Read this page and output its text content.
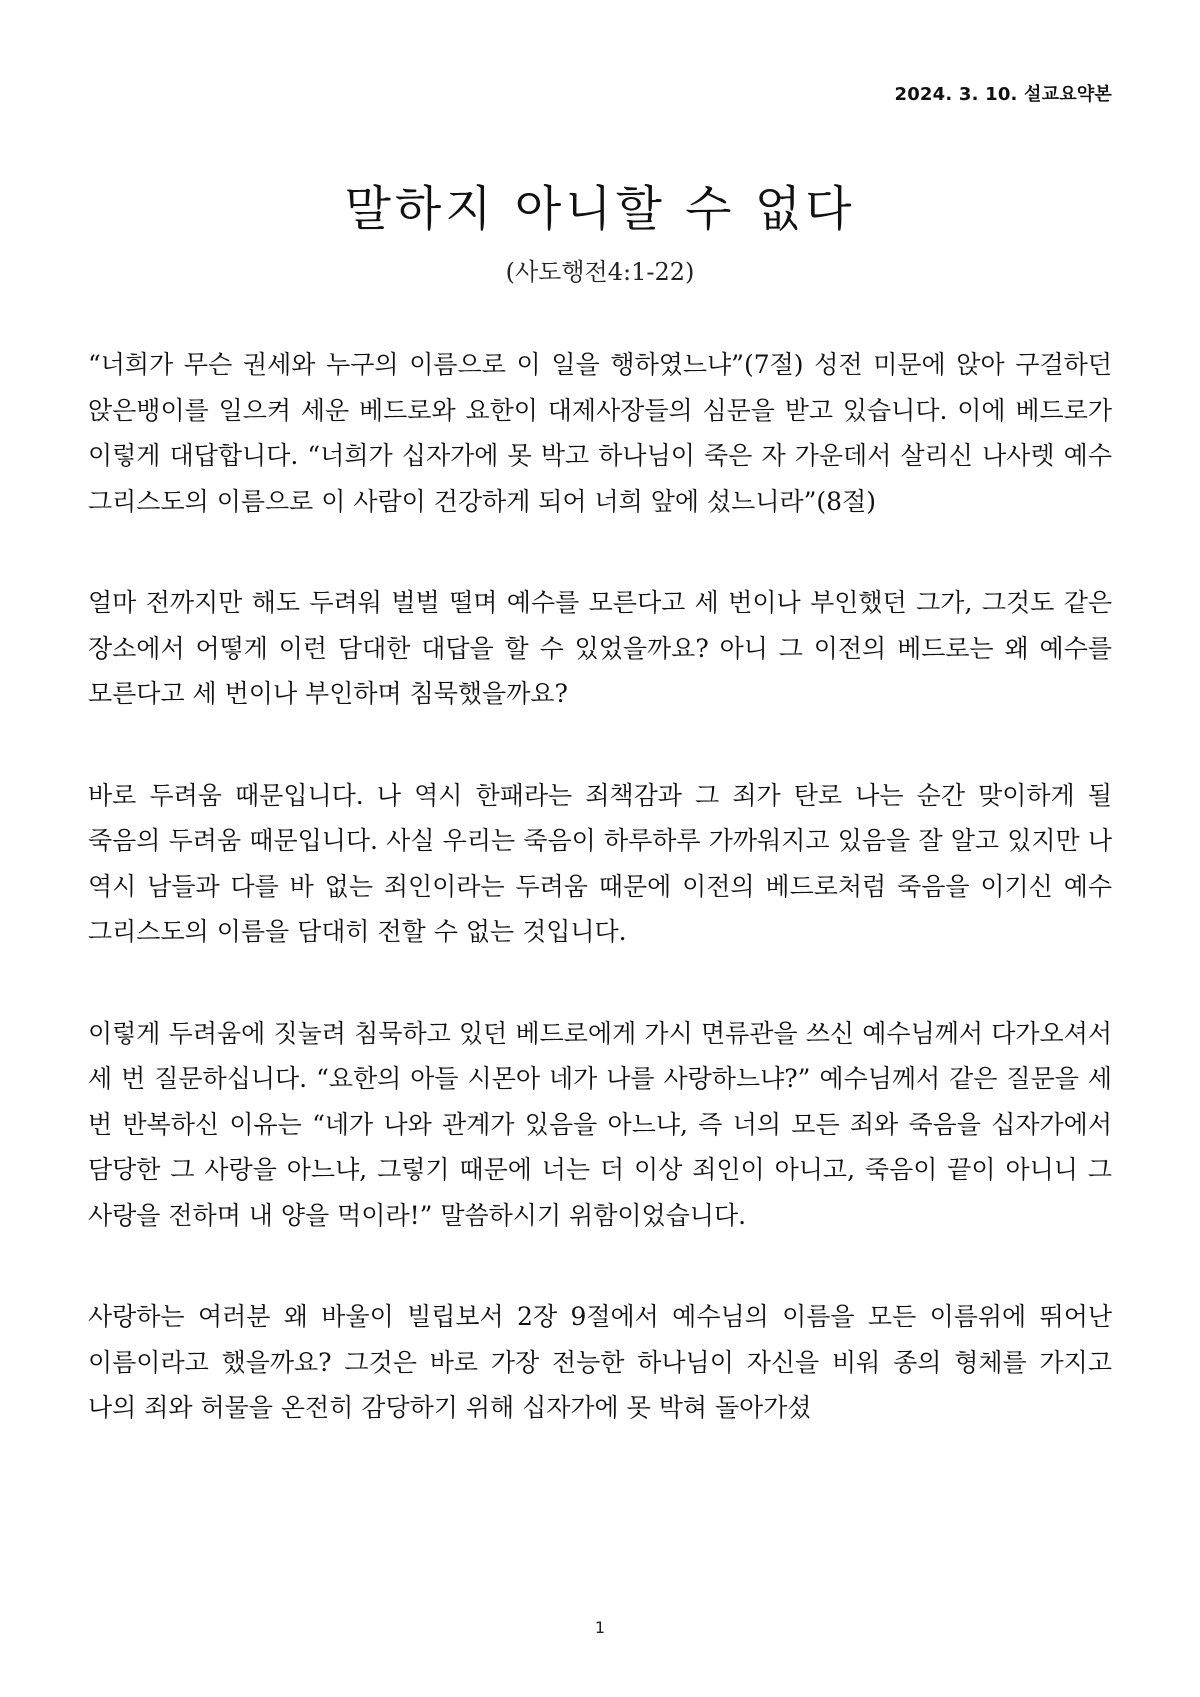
2024. 3. 10. 설교요약본
말하지 아니할 수 없다
(사도행전4:1-22)

“너희가 무슨 권세와 누구의 이름으로 이 일을 행하였느냐”(7절) 성전 미문에 앉아 구걸하던 앉은뱅이를 일으켜 세운 베드로와 요한이 대제사장들의 심문을 받고 있습니다. 이에 베드로가 이렇게 대답합니다. “너희가 십자가에 못 박고 하나님이 죽은 자 가운데서 살리신 나사렛 예수 그리스도의 이름으로 이 사람이 건강하게 되어 너희 앞에 섰느니라”(8절)

얼마 전까지만 해도 두려워 벌벌 떨며 예수를 모른다고 세 번이나 부인했던 그가, 그것도 같은 장소에서 어떻게 이런 담대한 대답을 할 수 있었을까요? 아니 그 이전의 베드로는 왜 예수를 모른다고 세 번이나 부인하며 침묵했을까요?

바로 두려움 때문입니다. 나 역시 한패라는 죄책감과 그 죄가 탄로 나는 순간 맞이하게 될 죽음의 두려움 때문입니다. 사실 우리는 죽음이 하루하루 가까워지고 있음을 잘 알고 있지만 나 역시 남들과 다를 바 없는 죄인이라는 두려움 때문에 이전의 베드로처럼 죽음을 이기신 예수 그리스도의 이름을 담대히 전할 수 없는 것입니다.

이렇게 두려움에 짓눌려 침묵하고 있던 베드로에게 가시 면류관을 쓰신 예수님께서 다가오셔서 세 번 질문하십니다. “요한의 아들 시몬아 네가 나를 사랑하느냐?” 예수님께서 같은 질문을 세 번 반복하신 이유는 “네가 나와 관계가 있음을 아느냐, 즉 너의 모든 죄와 죽음을 십자가에서 담당한 그 사랑을 아느냐, 그렇기 때문에 너는 더 이상 죄인이 아니고, 죽음이 끝이 아니니 그 사랑을 전하며 내 양을 먹이라!” 말씀하시기 위함이었습니다.

사랑하는 여러분 왜 바울이 빌립보서 2장 9절에서 예수님의 이름을 모든 이름위에 뛰어난 이름이라고 했을까요? 그것은 바로 가장 전능한 하나님이 자신을 비워 종의 형체를 가지고 나의 죄와 허물을 온전히 감당하기 위해 십자가에 못 박혀 돌아가셨

1
